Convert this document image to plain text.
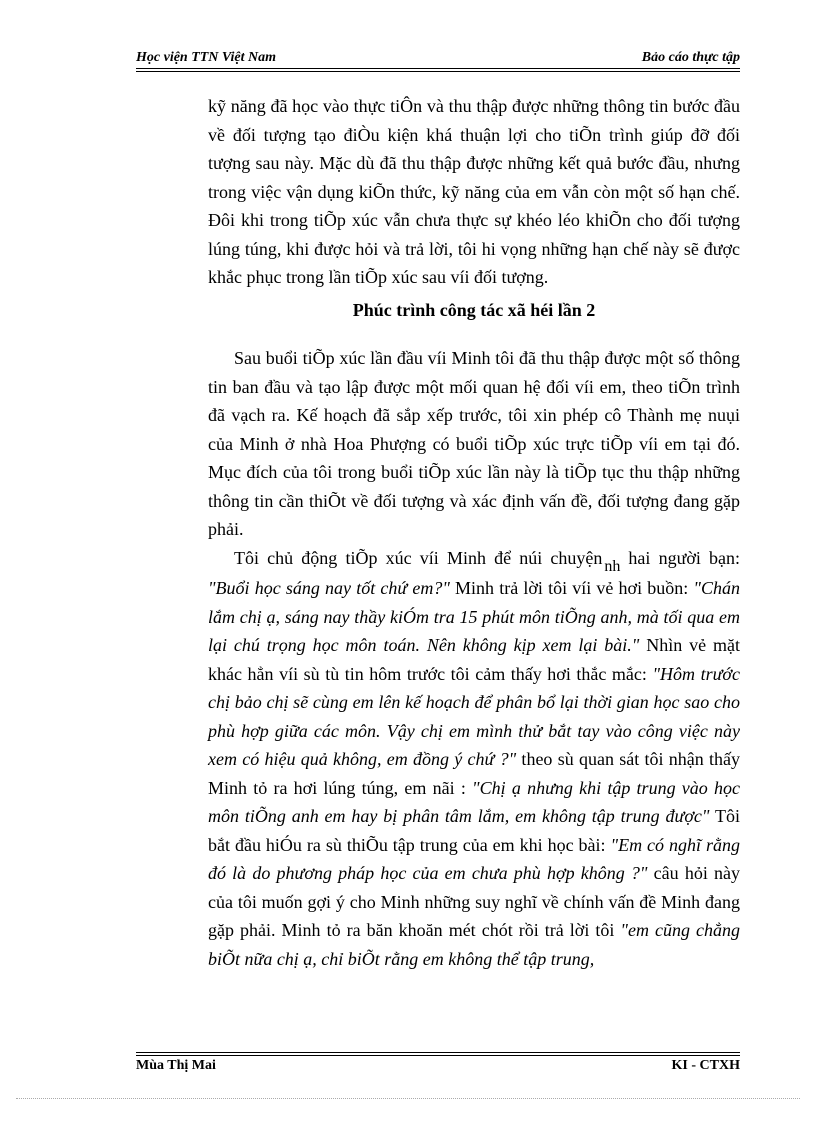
Học viện TTN Việt Nam	Bảo cáo thực tập

kỹ năng đã học vào thực tiÔn và thu thập được những thông tin bước đầu về đối tượng tạo điÒu kiện khá thuận lợi cho tiÕn trình giúp đỡ đối tượng sau này. Mặc dù đã thu thập được những kết quả bước đầu, nhưng trong việc vận dụng kiÕn thức, kỹ năng của em vẫn còn một số hạn chế. Đôi khi trong tiÕp xúc vẫn chưa thực sự khéo léo khiÕn cho đối tượng lúng túng, khi được hỏi và trả lời, tôi hi vọng những hạn chế này sẽ được khắc phục trong lần tiÕp xúc sau víi đối tượng.

Phúc trình công tác xã héi lần 2

Sau buổi tiÕp xúc lần đầu víi Minh tôi đã thu thập được một số thông tin ban đầu và tạo lập được một mối quan hệ đối víi em, theo tiÕn trình đã vạch ra. Kế hoạch đã sắp xếp trước, tôi xin phép cô Thành mẹ nuụi của Minh ở nhà Hoa Phượng có buổi tiÕp xúc trực tiÕp víi em tại đó. Mục đích của tôi trong buổi tiÕp xúc lần này là tiÕp tục thu thập những thông tin cần thiÕt về đối tượng và xác định vấn đề, đối tượng đang gặp phải.

Tôi chủ động tiÕp xúc víi Minh để núi chuyện nh hai người bạn: "Buổi học sáng nay tốt chứ em?" Minh trả lời tôi víi vẻ hơi buồn: "Chán lắm chị ạ, sáng nay thầy kiÓm tra 15 phút môn tiÕng anh, mà tối qua em lại chú trọng học môn toán. Nên không kịp xem lại bài." Nhìn vẻ mặt khác hẳn víi sù tù tin hôm trước tôi cảm thấy hơi thắc mắc: "Hôm trước chị bảo chị sẽ cùng em lên kế hoạch để phân bổ lại thời gian học sao cho phù hợp giữa các môn. Vậy chị em mình thử bắt tay vào công việc này xem có hiệu quả không, em đồng ý chứ ?" theo sù quan sát tôi nhận thấy Minh tỏ ra hơi lúng túng, em nãi : "Chị ạ nhưng khi tập trung vào học môn tiÕng anh em hay bị phân tâm lắm, em không tập trung được" Tôi bắt đầu hiÓu ra sù thiÕu tập trung của em khi học bài: "Em có nghĩ rằng đó là do phương pháp học của em chưa phù hợp không ?" câu hỏi này của tôi muốn gợi ý cho Minh những suy nghĩ về chính vấn đề Minh đang gặp phải. Minh tỏ ra băn khoăn mét chót rồi trả lời tôi "em cũng chẳng biÕt nữa chị ạ, chỉ biÕt rằng em không thể tập trung,

Mùa Thị Mai	KI - CTXH
